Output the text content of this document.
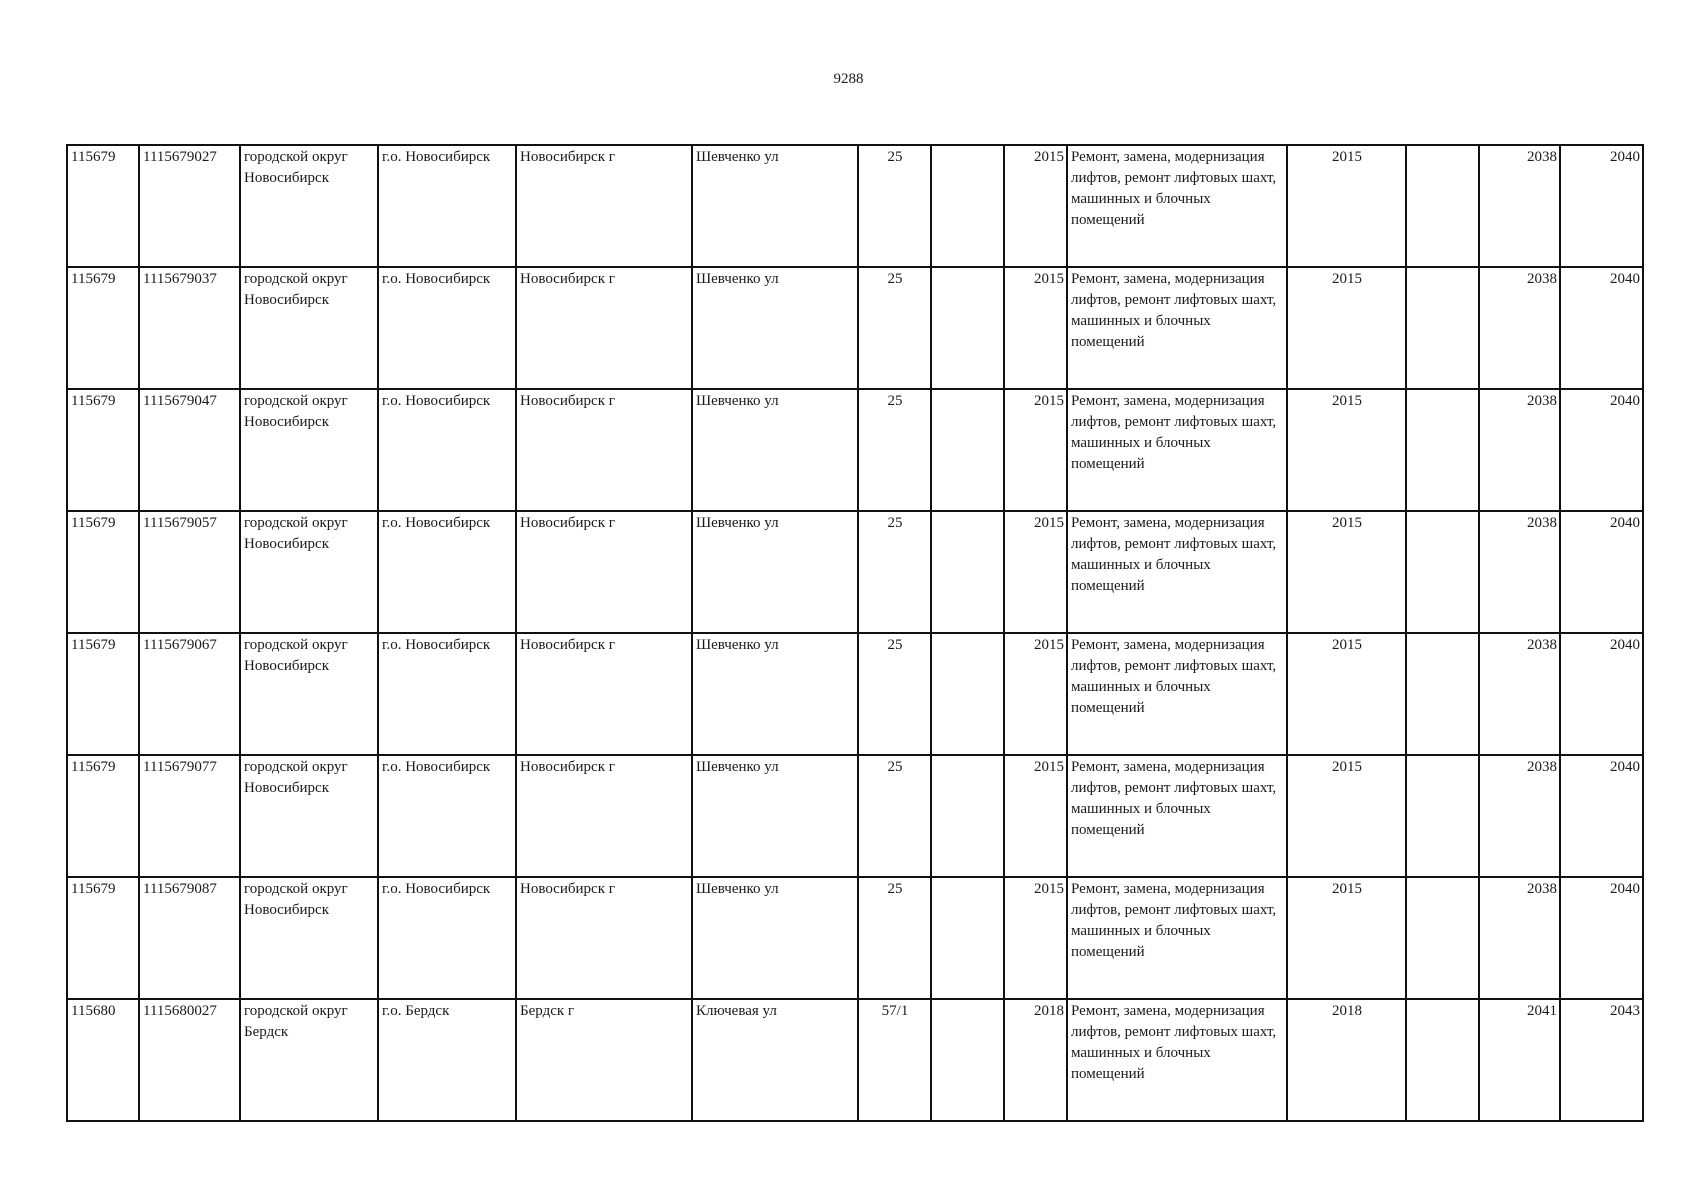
9288
115679	1115679027	городской округ Новосибирск	г.о. Новосибирск	Новосибирск г	Шевченко ул	25		2015	Ремонт, замена, модернизация лифтов, ремонт лифтовых шахт, машинных и блочных помещений	2015		2038	2040
115679	1115679037	городской округ Новосибирск	г.о. Новосибирск	Новосибирск г	Шевченко ул	25		2015	Ремонт, замена, модернизация лифтов, ремонт лифтовых шахт, машинных и блочных помещений	2015		2038	2040
115679	1115679047	городской округ Новосибирск	г.о. Новосибирск	Новосибирск г	Шевченко ул	25		2015	Ремонт, замена, модернизация лифтов, ремонт лифтовых шахт, машинных и блочных помещений	2015		2038	2040
115679	1115679057	городской округ Новосибирск	г.о. Новосибирск	Новосибирск г	Шевченко ул	25		2015	Ремонт, замена, модернизация лифтов, ремонт лифтовых шахт, машинных и блочных помещений	2015		2038	2040
115679	1115679067	городской округ Новосибирск	г.о. Новосибирск	Новосибирск г	Шевченко ул	25		2015	Ремонт, замена, модернизация лифтов, ремонт лифтовых шахт, машинных и блочных помещений	2015		2038	2040
115679	1115679077	городской округ Новосибирск	г.о. Новосибирск	Новосибирск г	Шевченко ул	25		2015	Ремонт, замена, модернизация лифтов, ремонт лифтовых шахт, машинных и блочных помещений	2015		2038	2040
115679	1115679087	городской округ Новосибирск	г.о. Новосибирск	Новосибирск г	Шевченко ул	25		2015	Ремонт, замена, модернизация лифтов, ремонт лифтовых шахт, машинных и блочных помещений	2015		2038	2040
115680	1115680027	городской округ Бердск	г.о. Бердск	Бердск г	Ключевая ул	57/1		2018	Ремонт, замена, модернизация лифтов, ремонт лифтовых шахт, машинных и блочных помещений	2018		2041	2043
